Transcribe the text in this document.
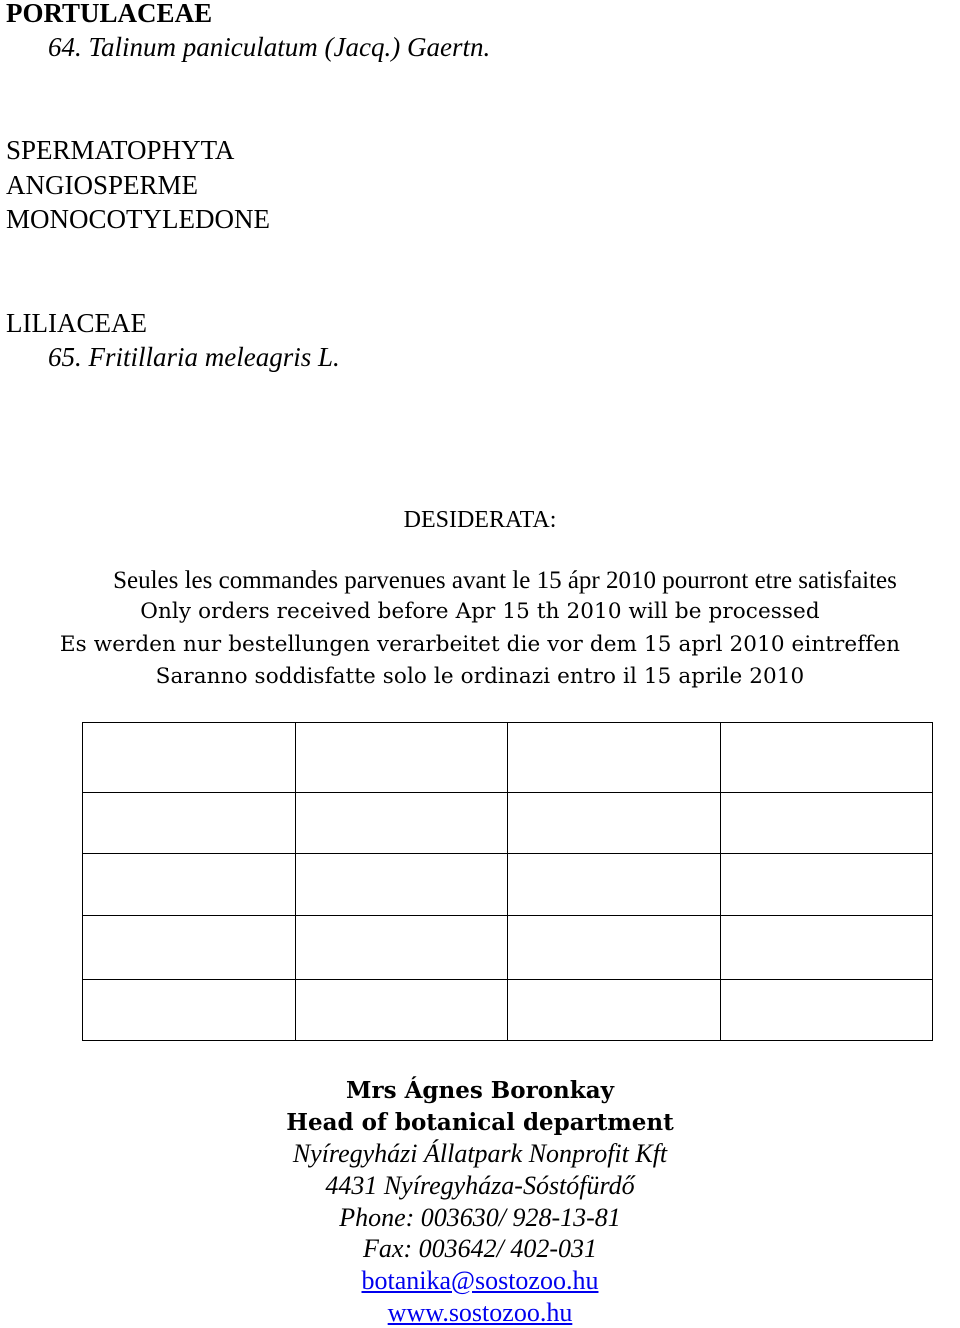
PORTULACEAE
64. Talinum paniculatum (Jacq.) Gaertn.
SPERMATOPHYTA
ANGIOSPERME
MONOCOTYLEDONE
LILIACEAE
65. Fritillaria meleagris L.
DESIDERATA:
Seules les commandes parvenues avant le 15 ápr 2010 pourront etre satisfaites
Only orders received before Apr 15 th 2010 will be processed
Es werden nur bestellungen verarbeitet die vor dem 15 aprl 2010 eintreffen
Saranno soddisfatte solo le ordinazi entro il 15 aprile 2010

Mrs Ágnes Boronkay
Head of botanical department
Nyíregyházi Állatpark Nonprofit Kft
4431 Nyíregyháza-Sóstófürdő
Phone: 003630/ 928-13-81
Fax: 003642/ 402-031
botanika@sostozoo.hu
www.sostozoo.hu
